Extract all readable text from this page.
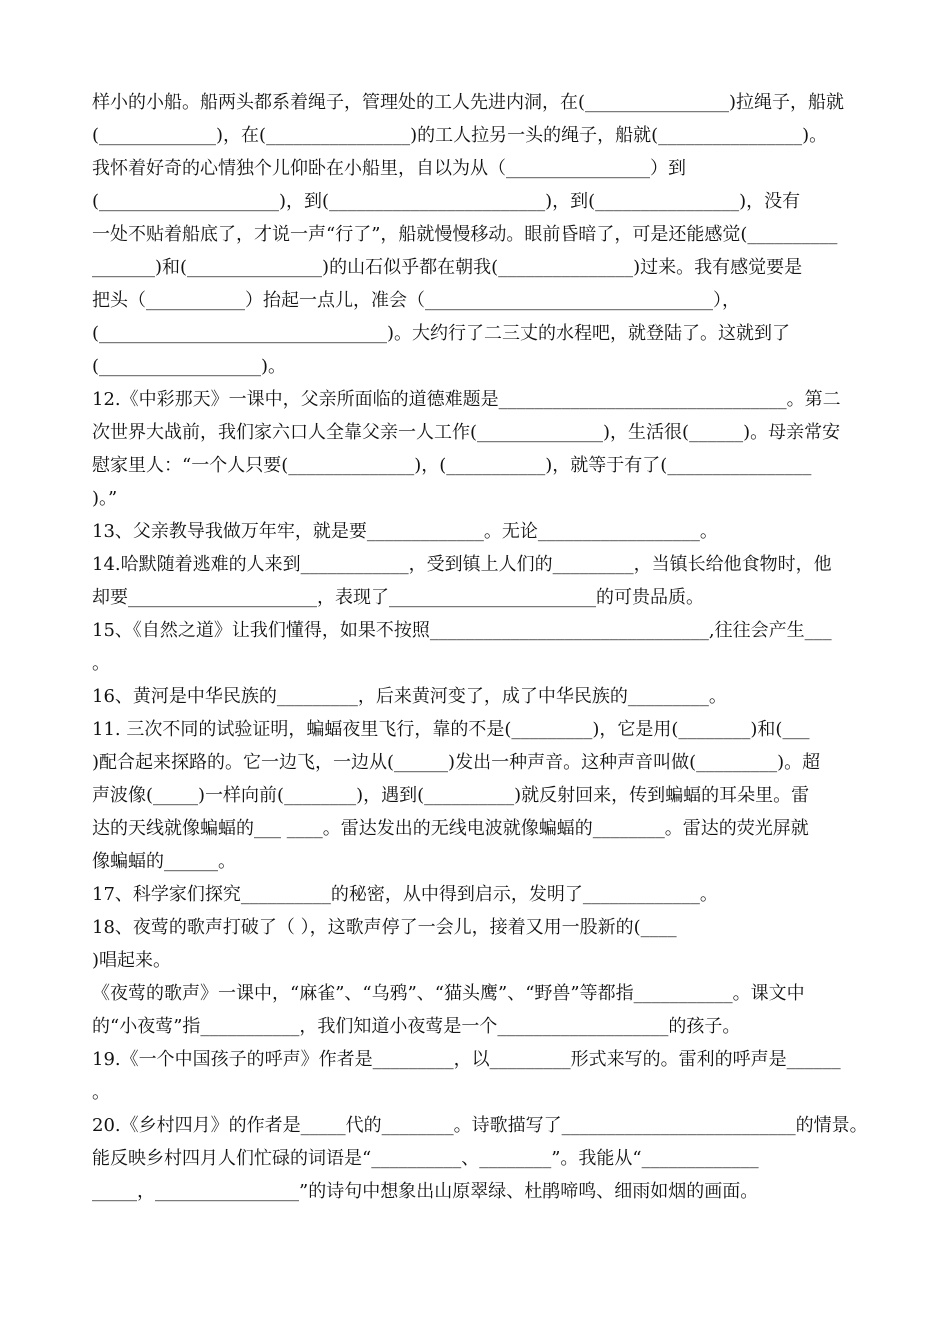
样小的小船。船两头都系着绳子，管理处的工人先进内洞，在(________________)拉绳子，船就
(_____________)，在(________________)的工人拉另一头的绳子，船就(________________)。
我怀着好奇的心情独个儿仰卧在小船里，自以为从（________________）到
(____________________)，到(________________________)，到(________________)，没有
一处不贴着船底了，才说一声“行了”，船就慢慢移动。眼前昏暗了，可是还能感觉(__________
_______)和(_______________)的山石似乎都在朝我(_______________)过来。我有感觉要是
把头（___________）抬起一点儿，准会（________________________________），
(________________________________)。大约行了二三丈的水程吧，就登陆了。这就到了
(__________________)。
12.《中彩那天》一课中，父亲所面临的道德难题是________________________________。第二
次世界大战前，我们家六口人全靠父亲一人工作(______________)，生活很(______)。母亲常安
慰家里人：“一个人只要(______________)，(___________)，就等于有了(________________
)。”
13、父亲教导我做万年牢，就是要_____________。无论__________________。
14.哈默随着逃难的人来到____________，受到镇上人们的_________，当镇长给他食物时，他
却要_____________________，表现了_______________________的可贵品质。
15、《自然之道》让我们懂得，如果不按照_______________________________,往往会产生___
。
16、黄河是中华民族的_________，后来黄河变了，成了中华民族的_________。
11. 三次不同的试验证明，蝙蝠夜里飞行，靠的不是(_________)，它是用(________)和(___
)配合起来探路的。它一边飞，一边从(______)发出一种声音。这种声音叫做(_________)。超
声波像(_____)一样向前(________)，遇到(__________)就反射回来，传到蝙蝠的耳朵里。雷
达的天线就像蝙蝠的___ ____。雷达发出的无线电波就像蝙蝠的________。雷达的荧光屏就
像蝙蝠的______。
17、科学家们探究__________的秘密，从中得到启示，发明了_____________。
18、夜莺的歌声打破了（ ），这歌声停了一会儿，接着又用一股新的(____
)唱起来。
《夜莺的歌声》一课中，“麻雀”、“乌鸦”、“猫头鹰”、“野兽”等都指___________。课文中
的“小夜莺”指___________，我们知道小夜莺是一个___________________的孩子。
19.《一个中国孩子的呼声》作者是_________，以_________形式来写的。雷利的呼声是______
。
20.《乡村四月》的作者是_____代的________。诗歌描写了__________________________的情景。
能反映乡村四月人们忙碌的词语是“__________、________”。我能从“_____________
_____，________________”的诗句中想象出山原翠绿、杜鹃啼鸣、细雨如烟的画面。
